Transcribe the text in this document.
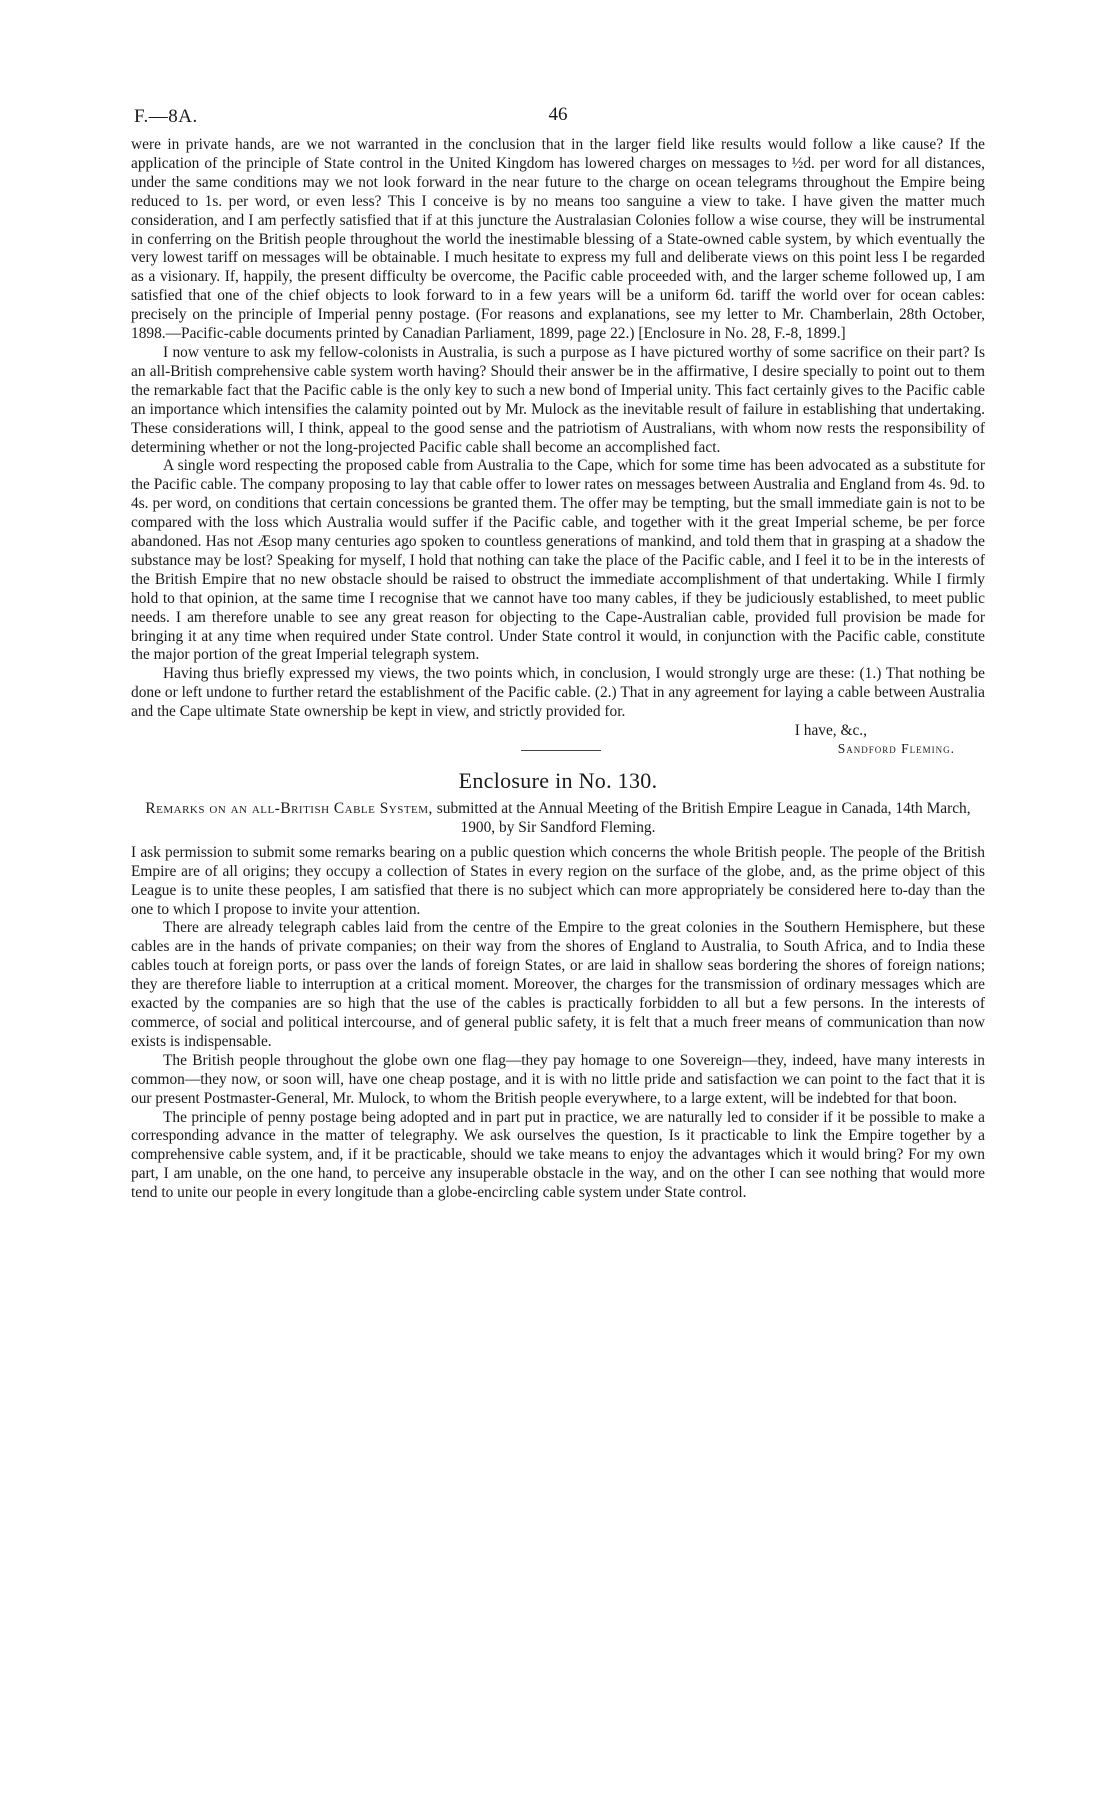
F.—8A.	46

were in private hands, are we not warranted in the conclusion that in the larger field like results would follow a like cause? If the application of the principle of State control in the United Kingdom has lowered charges on messages to ½d. per word for all distances, under the same conditions may we not look forward in the near future to the charge on ocean telegrams throughout the Empire being reduced to 1s. per word, or even less? This I conceive is by no means too sanguine a view to take. I have given the matter much consideration, and I am perfectly satisfied that if at this juncture the Australasian Colonies follow a wise course, they will be instrumental in conferring on the British people throughout the world the inestimable blessing of a State-owned cable system, by which eventually the very lowest tariff on messages will be obtainable. I much hesitate to express my full and deliberate views on this point less I be regarded as a visionary. If, happily, the present difficulty be overcome, the Pacific cable proceeded with, and the larger scheme followed up, I am satisfied that one of the chief objects to look forward to in a few years will be a uniform 6d. tariff the world over for ocean cables: precisely on the principle of Imperial penny postage. (For reasons and explanations, see my letter to Mr. Chamberlain, 28th October, 1898.—Pacific-cable documents printed by Canadian Parliament, 1899, page 22.) [Enclosure in No. 28, F.-8, 1899.]

I now venture to ask my fellow-colonists in Australia, is such a purpose as I have pictured worthy of some sacrifice on their part? Is an all-British comprehensive cable system worth having? Should their answer be in the affirmative, I desire specially to point out to them the remarkable fact that the Pacific cable is the only key to such a new bond of Imperial unity. This fact certainly gives to the Pacific cable an importance which intensifies the calamity pointed out by Mr. Mulock as the inevitable result of failure in establishing that undertaking. These considerations will, I think, appeal to the good sense and the patriotism of Australians, with whom now rests the responsibility of determining whether or not the long-projected Pacific cable shall become an accomplished fact.

A single word respecting the proposed cable from Australia to the Cape, which for some time has been advocated as a substitute for the Pacific cable. The company proposing to lay that cable offer to lower rates on messages between Australia and England from 4s. 9d. to 4s. per word, on conditions that certain concessions be granted them. The offer may be tempting, but the small immediate gain is not to be compared with the loss which Australia would suffer if the Pacific cable, and together with it the great Imperial scheme, be per force abandoned. Has not Æsop many centuries ago spoken to countless generations of mankind, and told them that in grasping at a shadow the substance may be lost? Speaking for myself, I hold that nothing can take the place of the Pacific cable, and I feel it to be in the interests of the British Empire that no new obstacle should be raised to obstruct the immediate accomplishment of that undertaking. While I firmly hold to that opinion, at the same time I recognise that we cannot have too many cables, if they be judiciously established, to meet public needs. I am therefore unable to see any great reason for objecting to the Cape-Australian cable, provided full provision be made for bringing it at any time when required under State control. Under State control it would, in conjunction with the Pacific cable, constitute the major portion of the great Imperial telegraph system.

Having thus briefly expressed my views, the two points which, in conclusion, I would strongly urge are these: (1.) That nothing be done or left undone to further retard the establishment of the Pacific cable. (2.) That in any agreement for laying a cable between Australia and the Cape ultimate State ownership be kept in view, and strictly provided for.

I have, &c.,
Sandford Fleming.
Enclosure in No. 130.
Remarks on an all-British Cable System, submitted at the Annual Meeting of the British Empire League in Canada, 14th March, 1900, by Sir Sandford Fleming.

I ask permission to submit some remarks bearing on a public question which concerns the whole British people. The people of the British Empire are of all origins; they occupy a collection of States in every region on the surface of the globe, and, as the prime object of this League is to unite these peoples, I am satisfied that there is no subject which can more appropriately be considered here to-day than the one to which I propose to invite your attention.

There are already telegraph cables laid from the centre of the Empire to the great colonies in the Southern Hemisphere, but these cables are in the hands of private companies; on their way from the shores of England to Australia, to South Africa, and to India these cables touch at foreign ports, or pass over the lands of foreign States, or are laid in shallow seas bordering the shores of foreign nations; they are therefore liable to interruption at a critical moment. Moreover, the charges for the transmission of ordinary messages which are exacted by the companies are so high that the use of the cables is practically forbidden to all but a few persons. In the interests of commerce, of social and political intercourse, and of general public safety, it is felt that a much freer means of communication than now exists is indispensable.

The British people throughout the globe own one flag—they pay homage to one Sovereign—they, indeed, have many interests in common—they now, or soon will, have one cheap postage, and it is with no little pride and satisfaction we can point to the fact that it is our present Postmaster-General, Mr. Mulock, to whom the British people everywhere, to a large extent, will be indebted for that boon.

The principle of penny postage being adopted and in part put in practice, we are naturally led to consider if it be possible to make a corresponding advance in the matter of telegraphy. We ask ourselves the question, Is it practicable to link the Empire together by a comprehensive cable system, and, if it be practicable, should we take means to enjoy the advantages which it would bring? For my own part, I am unable, on the one hand, to perceive any insuperable obstacle in the way, and on the other I can see nothing that would more tend to unite our people in every longitude than a globe-encircling cable system under State control.
